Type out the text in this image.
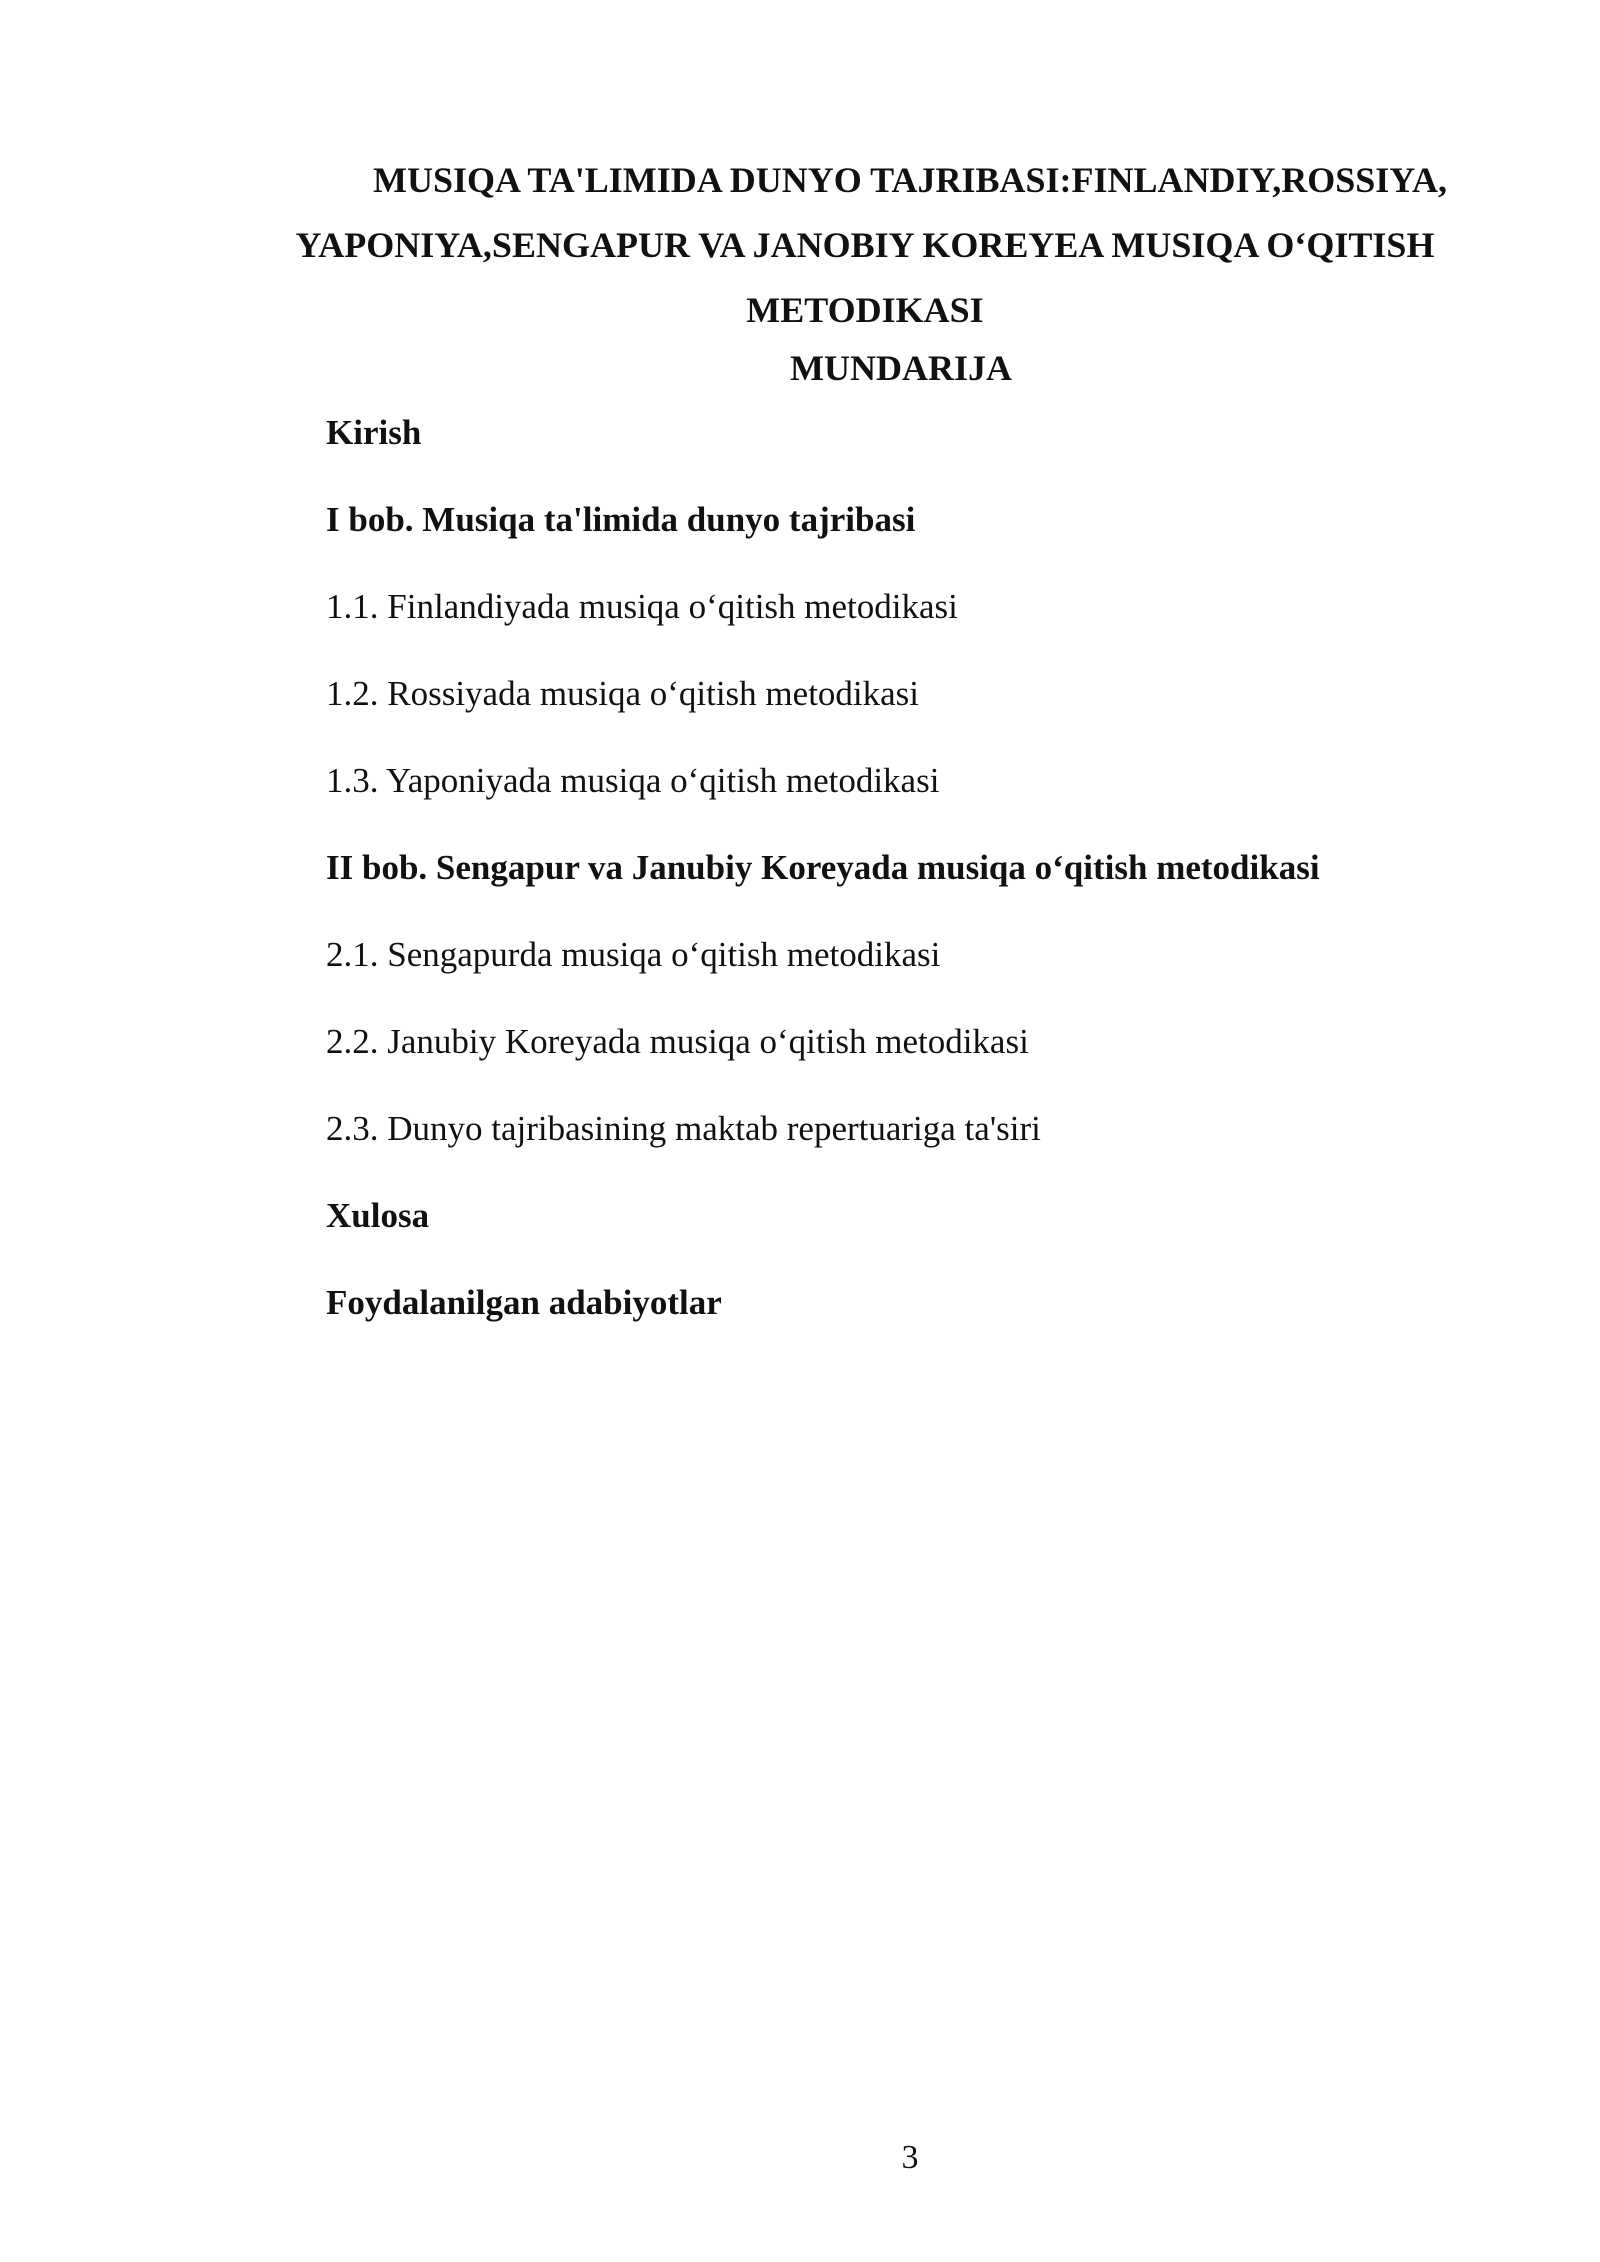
MUSIQA TA'LIMIDA DUNYO TAJRIBASI:FINLANDIY,ROSSIYA,
YAPONIYA,SENGAPUR VA JANOBIY KOREYEA MUSIQA O‘QITISH
METODIKASI
MUNDARIJA
Kirish
I bob. Musiqa ta'limida dunyo tajribasi
1.1. Finlandiyada musiqa o‘qitish metodikasi
1.2. Rossiyada musiqa o‘qitish metodikasi
1.3. Yaponiyada musiqa o‘qitish metodikasi
II bob. Sengapur va Janubiy Koreyada musiqa o‘qitish metodikasi
2.1. Sengapurda musiqa o‘qitish metodikasi
2.2. Janubiy Koreyada musiqa o‘qitish metodikasi
2.3. Dunyo tajribasining maktab repertuariga ta'siri
Xulosa
Foydalanilgan adabiyotlar
3
